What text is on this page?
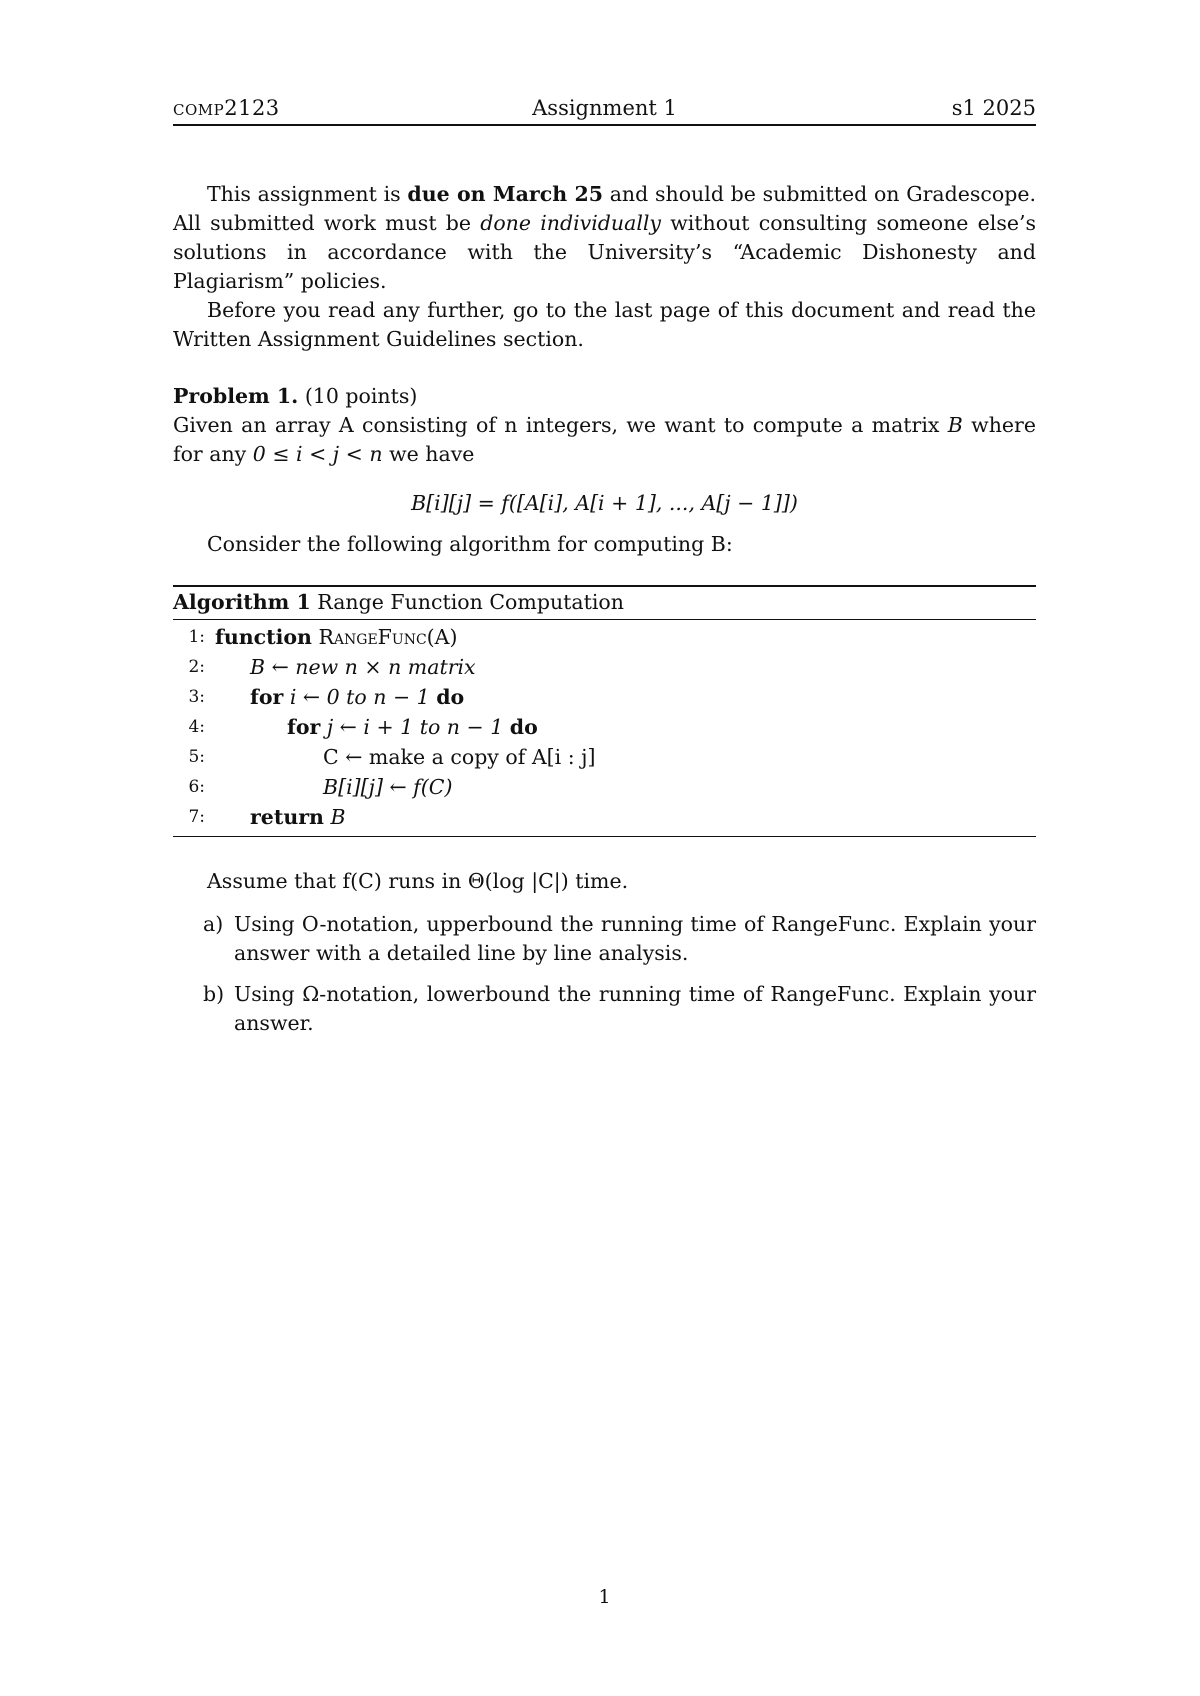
comp2123	Assignment 1	s1 2025

This assignment is due on March 25 and should be submitted on Gradescope. All submitted work must be done individually without consulting someone else’s solutions in accordance with the University’s “Academic Dishonesty and Plagiarism” policies.

Before you read any further, go to the last page of this document and read the Written Assignment Guidelines section.

Problem 1. (10 points)

Given an array A consisting of n integers, we want to compute a matrix B where for any 0 ≤ i < j < n we have

B[i][j] = f([A[i], A[i + 1], ..., A[j − 1]])

Consider the following algorithm for computing B:

Algorithm 1 Range Function Computation
1: function RangeFunc(A)
2: B ← new n × n matrix
3: for i ← 0 to n − 1 do
4:	for j ← i + 1 to n − 1 do
5:	C ← make a copy of A[i : j]
6:	B[i][j] ← f(C)
7: return B

Assume that f(C) runs in Θ(log |C|) time.

a) Using O-notation, upperbound the running time of RangeFunc. Explain your answer with a detailed line by line analysis.
b) Using Ω-notation, lowerbound the running time of RangeFunc. Explain your answer.
1
